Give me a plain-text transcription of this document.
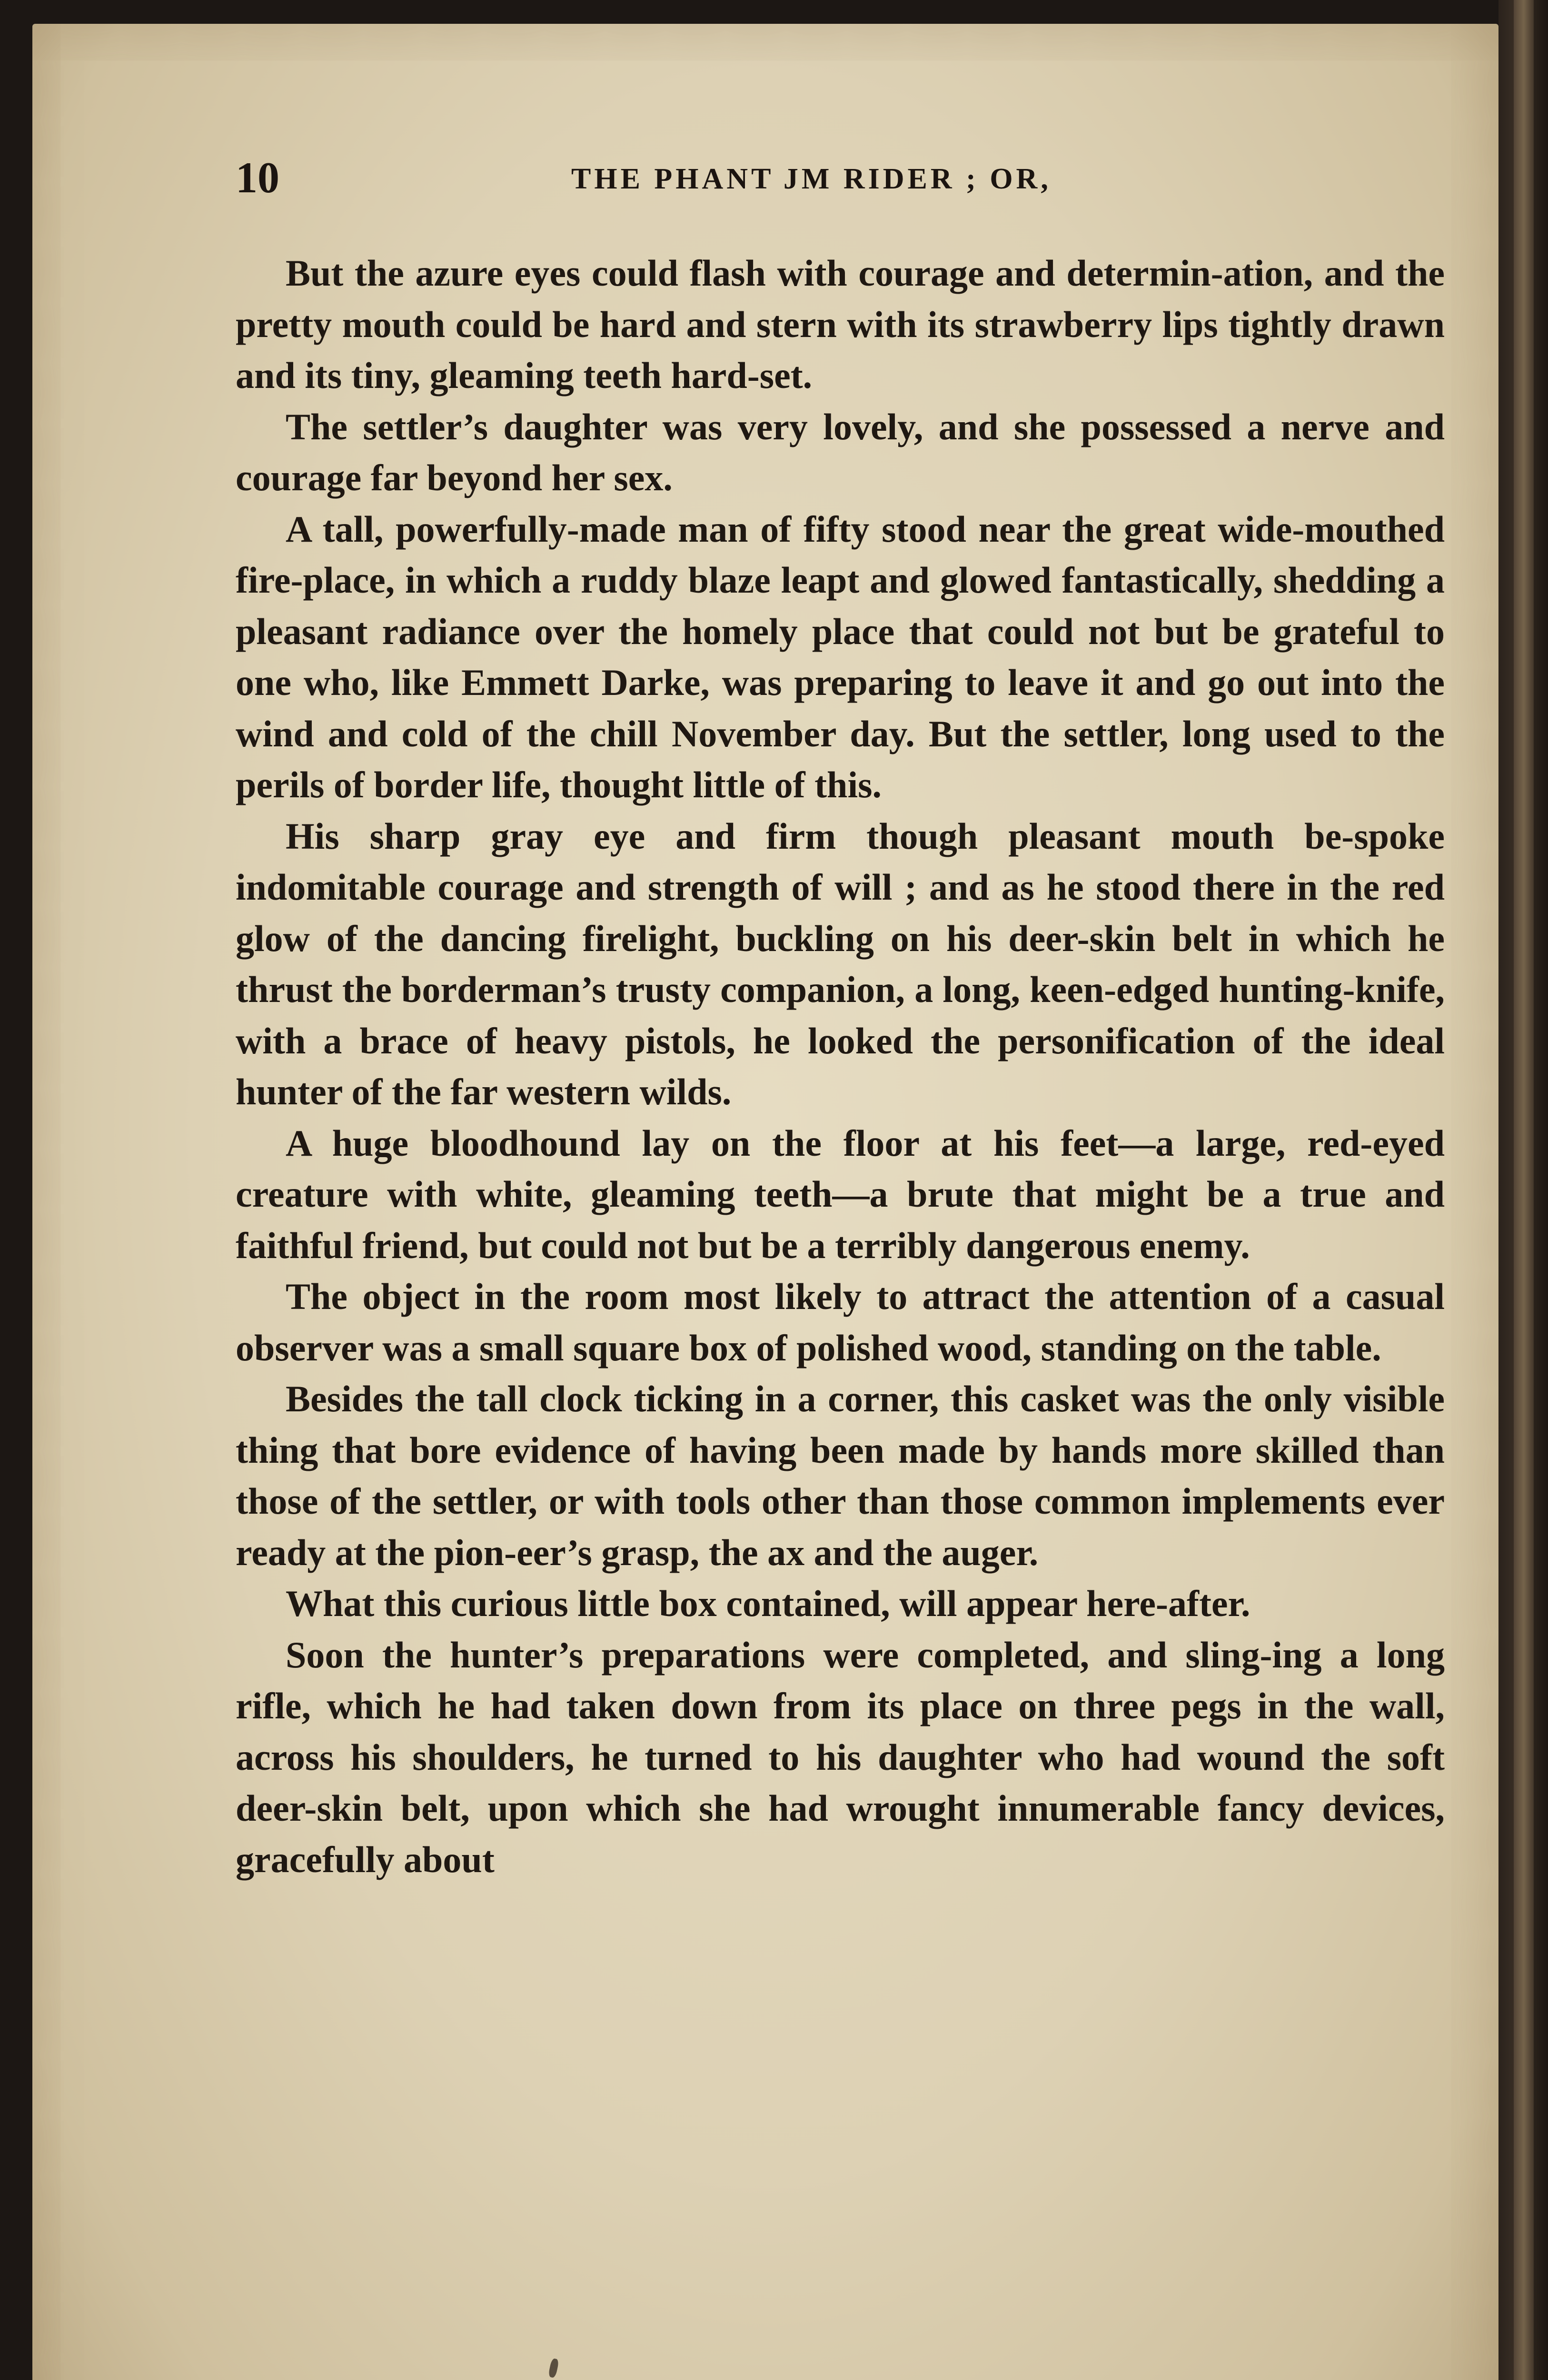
10	THE PHANT JM RIDER ; OR,

But the azure eyes could flash with courage and determin-ation, and the pretty mouth could be hard and stern with its strawberry lips tightly drawn and its tiny, gleaming teeth hard-set.

The settler’s daughter was very lovely, and she possessed a nerve and courage far beyond her sex.

A tall, powerfully-made man of fifty stood near the great wide-mouthed fire-place, in which a ruddy blaze leapt and glowed fantastically, shedding a pleasant radiance over the homely place that could not but be grateful to one who, like Emmett Darke, was preparing to leave it and go out into the wind and cold of the chill November day. But the settler, long used to the perils of border life, thought little of this.

His sharp gray eye and firm though pleasant mouth be-spoke indomitable courage and strength of will ; and as he stood there in the red glow of the dancing firelight, buckling on his deer-skin belt in which he thrust the borderman’s trusty companion, a long, keen-edged hunting-knife, with a brace of heavy pistols, he looked the personification of the ideal hunter of the far western wilds.

A huge bloodhound lay on the floor at his feet—a large, red-eyed creature with white, gleaming teeth—a brute that might be a true and faithful friend, but could not but be a terribly dangerous enemy.

The object in the room most likely to attract the attention of a casual observer was a small square box of polished wood, standing on the table.

Besides the tall clock ticking in a corner, this casket was the only visible thing that bore evidence of having been made by hands more skilled than those of the settler, or with tools other than those common implements ever ready at the pion-eer’s grasp, the ax and the auger.

What this curious little box contained, will appear here-after.

Soon the hunter’s preparations were completed, and sling-ing a long rifle, which he had taken down from its place on three pegs in the wall, across his shoulders, he turned to his daughter who had wound the soft deer-skin belt, upon which she had wrought innumerable fancy devices, gracefully about
